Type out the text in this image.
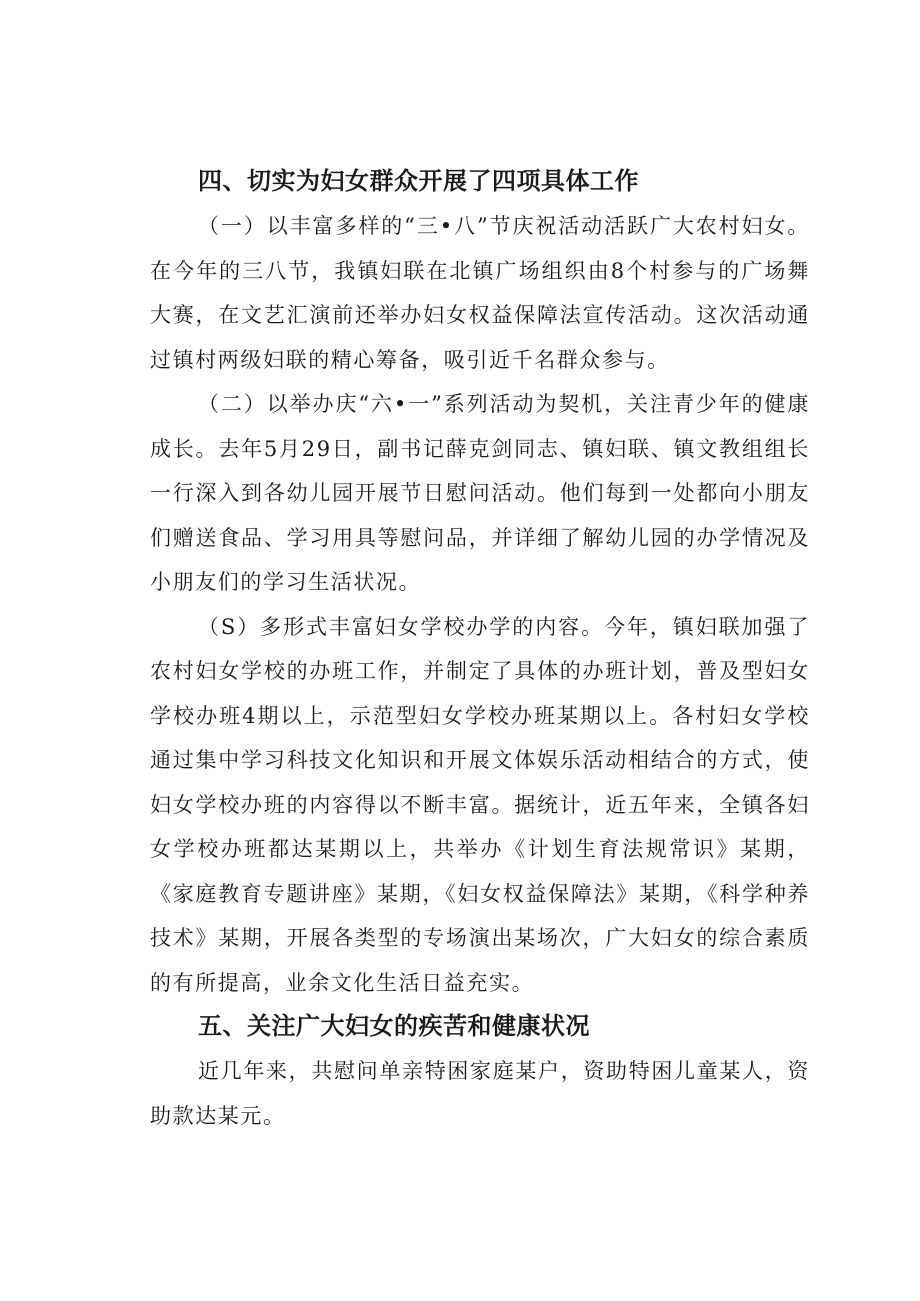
四、切实为妇女群众开展了四项具体工作

（一）以丰富多样的“三•八”节庆祝活动活跃广大农村妇女。在今年的三八节，我镇妇联在北镇广场组织由8个村参与的广场舞大赛，在文艺汇演前还举办妇女权益保障法宣传活动。这次活动通过镇村两级妇联的精心筹备，吸引近千名群众参与。

（二）以举办庆“六•一”系列活动为契机，关注青少年的健康成长。去年5月29日，副书记薛克剑同志、镇妇联、镇文教组组长一行深入到各幼儿园开展节日慰问活动。他们每到一处都向小朋友们赠送食品、学习用具等慰问品，并详细了解幼儿园的办学情况及小朋友们的学习生活状况。

（S）多形式丰富妇女学校办学的内容。今年，镇妇联加强了农村妇女学校的办班工作，并制定了具体的办班计划，普及型妇女学校办班4期以上，示范型妇女学校办班某期以上。各村妇女学校通过集中学习科技文化知识和开展文体娱乐活动相结合的方式，使妇女学校办班的内容得以不断丰富。据统计，近五年来，全镇各妇女学校办班都达某期以上，共举办《计划生育法规常识》某期，《家庭教育专题讲座》某期，《妇女权益保障法》某期，《科学种养技术》某期，开展各类型的专场演出某场次，广大妇女的综合素质的有所提高，业余文化生活日益充实。

五、关注广大妇女的疾苦和健康状况

近几年来，共慰问单亲特困家庭某户，资助特困儿童某人，资助款达某元。
